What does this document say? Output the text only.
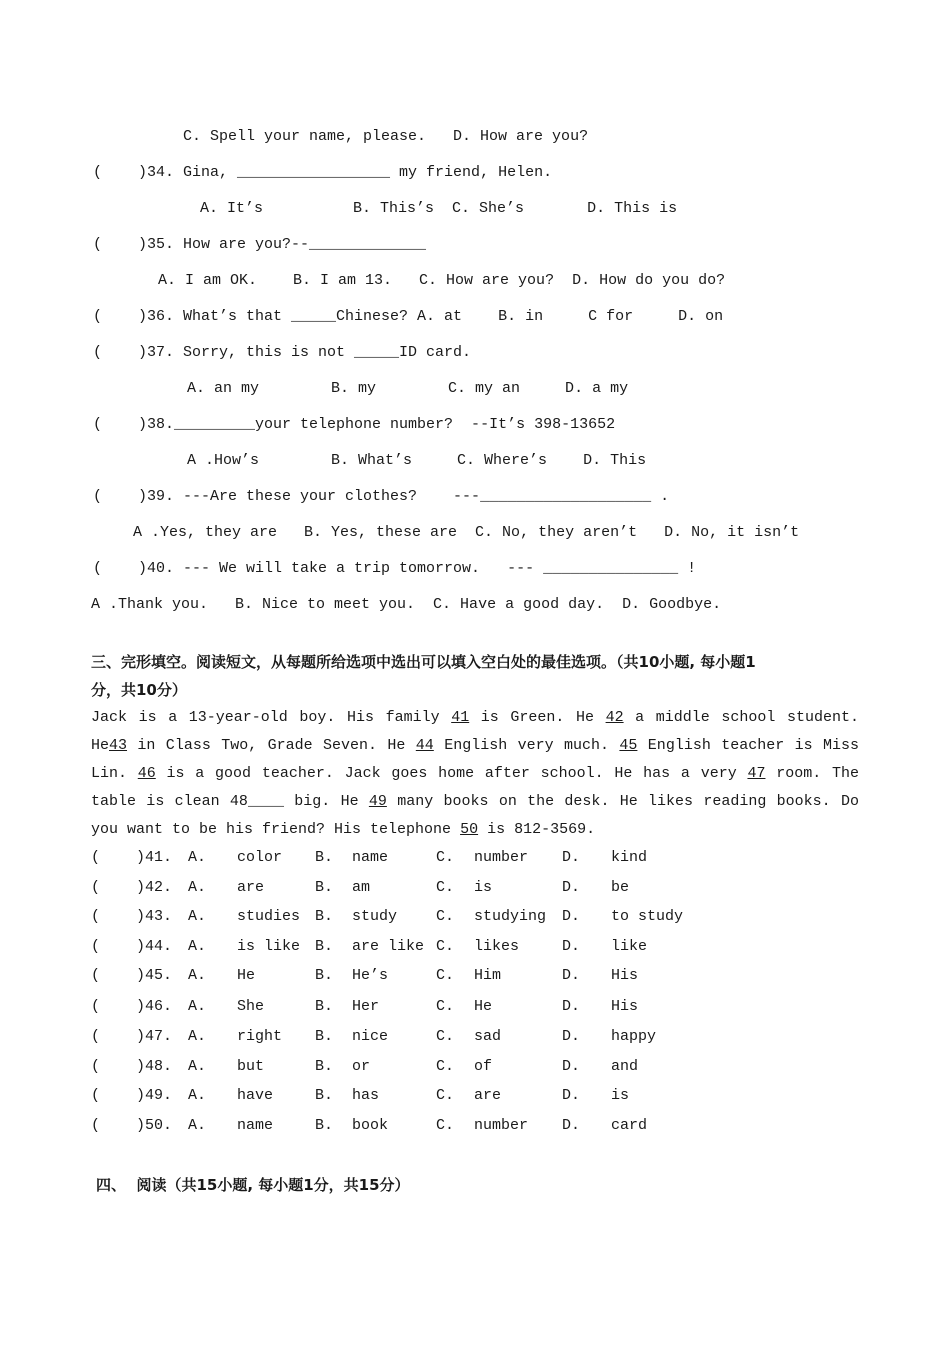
C. Spell your name, please.   D. How are you?
(    )34. Gina, _________________ my friend, Helen.
A. It’s          B. This’s  C. She’s       D. This is
(    )35. How are you?--_____________
A. I am OK.    B. I am 13.   C. How are you?  D. How do you do?
(    )36. What’s that _____Chinese? A. at    B. in     C for     D. on
(    )37. Sorry, this is not _____ID card.
A. an my        B. my        C. my an     D. a my
(    )38._________your telephone number?  --It’s 398-13652
A .How’s        B. What’s     C. Where’s    D. This
(    )39. ---Are these your clothes?    ---___________________ .
A .Yes, they are   B. Yes, these are  C. No, they aren’t   D. No, it isn’t
(    )40. --- We will take a trip tomorrow.   --- _______________ !
A .Thank you.   B. Nice to meet you.  C. Have a good day.  D. Goodbye.
三、完形填空。阅读短文，从每题所给选项中选出可以填入空白处的最佳选项。（共10小题, 每小题1
分，共10分）
Jack is a 13-year-old boy. His family 41 is Green. He 42 a middle school student. He43 in Class Two, Grade Seven. He 44 English very much. 45 English teacher is Miss Lin. 46 is a good teacher. Jack goes home after school. He has a very 47 room. The table is clean 48____ big. He 49 many books on the desk. He likes reading books. Do you want to be his friend? His telephone 50 is 812-3569.
(    )41. A. color B. name	C. number D. kind
(    )42. A. are	B. am	C. is	D. be
(    )43. A. studies B. study	C. studying D. to study
(    )44. A. is like B. are like C. likes	D. like
(    )45. A. He	B. He’s	C. Him	D. His
(    )46. A. She	B. Her	C. He	D. His
(    )47. A. right B. nice	C. sad	D. happy
(    )48. A. but	B. or	C. of	D. and
(    )49. A. have	B. has	C. are	D. is
(    )50. A. name	B. book	C. number D. card
四、  阅读（共15小题, 每小题1分，共15分）
